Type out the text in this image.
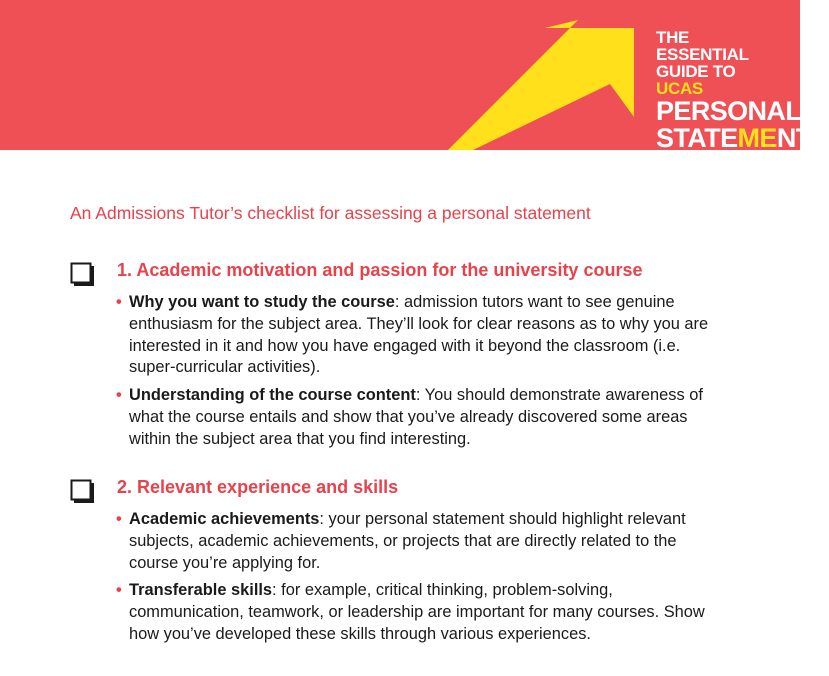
THE ESSENTIAL
GUIDE TO UCAS
PERSONAL
STATEMENTS
An Admissions Tutor’s checklist for assessing a personal statement
1. Academic motivation and passion for the university course
• Why you want to study the course: admission tutors want to see genuine enthusiasm for the subject area. They’ll look for clear reasons as to why you are interested in it and how you have engaged with it beyond the classroom (i.e. super-curricular activities).
• Understanding of the course content: You should demonstrate awareness of what the course entails and show that you’ve already discovered some areas within the subject area that you find interesting.
2. Relevant experience and skills
• Academic achievements: your personal statement should highlight relevant subjects, academic achievements, or projects that are directly related to the course you’re applying for.
• Transferable skills: for example, critical thinking, problem-solving, communication, teamwork, or leadership are important for many courses. Show how you’ve developed these skills through various experiences.
